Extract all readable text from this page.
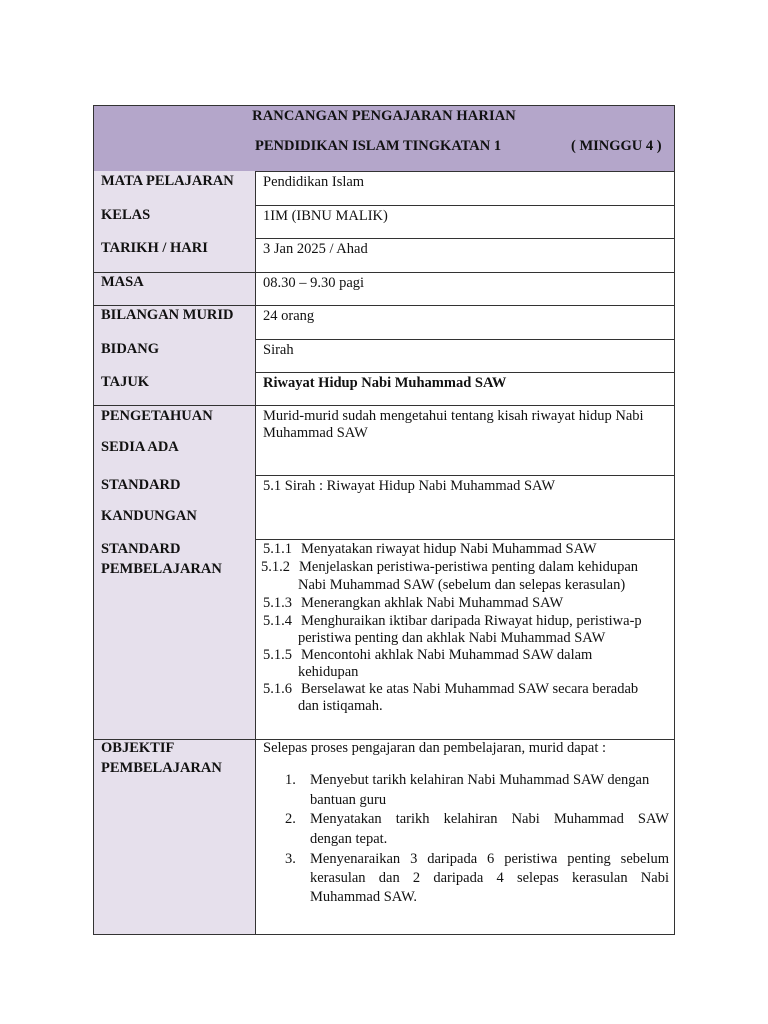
RANCANGAN PENGAJARAN HARIAN
PENDIDIKAN ISLAM TINGKATAN 1	( MINGGU 4 )
MATA PELAJARAN
KELAS
TARIKH / HARI
MASA
BILANGAN MURID
BIDANG
TAJUK
PENGETAHUAN
SEDIA ADA
STANDARD
KANDUNGAN
STANDARD
PEMBELAJARAN
OBJEKTIF
PEMBELAJARAN
Pendidikan Islam
1IM (IBNU MALIK)
3 Jan 2025 / Ahad
08.30 – 9.30 pagi
24 orang
Sirah
Riwayat Hidup Nabi Muhammad SAW
Murid-murid sudah mengetahui tentang kisah riwayat hidup Nabi
Muhammad SAW
5.1 Sirah : Riwayat Hidup Nabi Muhammad SAW
5.1.1 Menyatakan riwayat hidup Nabi Muhammad SAW
5.1.2 Menjelaskan peristiwa-peristiwa penting dalam kehidupan
Nabi Muhammad SAW (sebelum dan selepas kerasulan)
5.1.3 Menerangkan akhlak Nabi Muhammad SAW
5.1.4 Menghuraikan iktibar daripada Riwayat hidup, peristiwa-p
peristiwa penting dan akhlak Nabi Muhammad SAW
5.1.5 Mencontohi akhlak Nabi Muhammad SAW dalam
kehidupan
5.1.6 Berselawat ke atas Nabi Muhammad SAW secara beradab
dan istiqamah.
Selepas proses pengajaran dan pembelajaran, murid dapat :
1. Menyebut tarikh kelahiran Nabi Muhammad SAW dengan
bantuan guru
2. Menyatakan tarikh kelahiran Nabi Muhammad SAW
dengan tepat.
3. Menyenaraikan 3 daripada 6 peristiwa penting sebelum
kerasulan dan 2 daripada 4 selepas kerasulan Nabi
Muhammad SAW.
